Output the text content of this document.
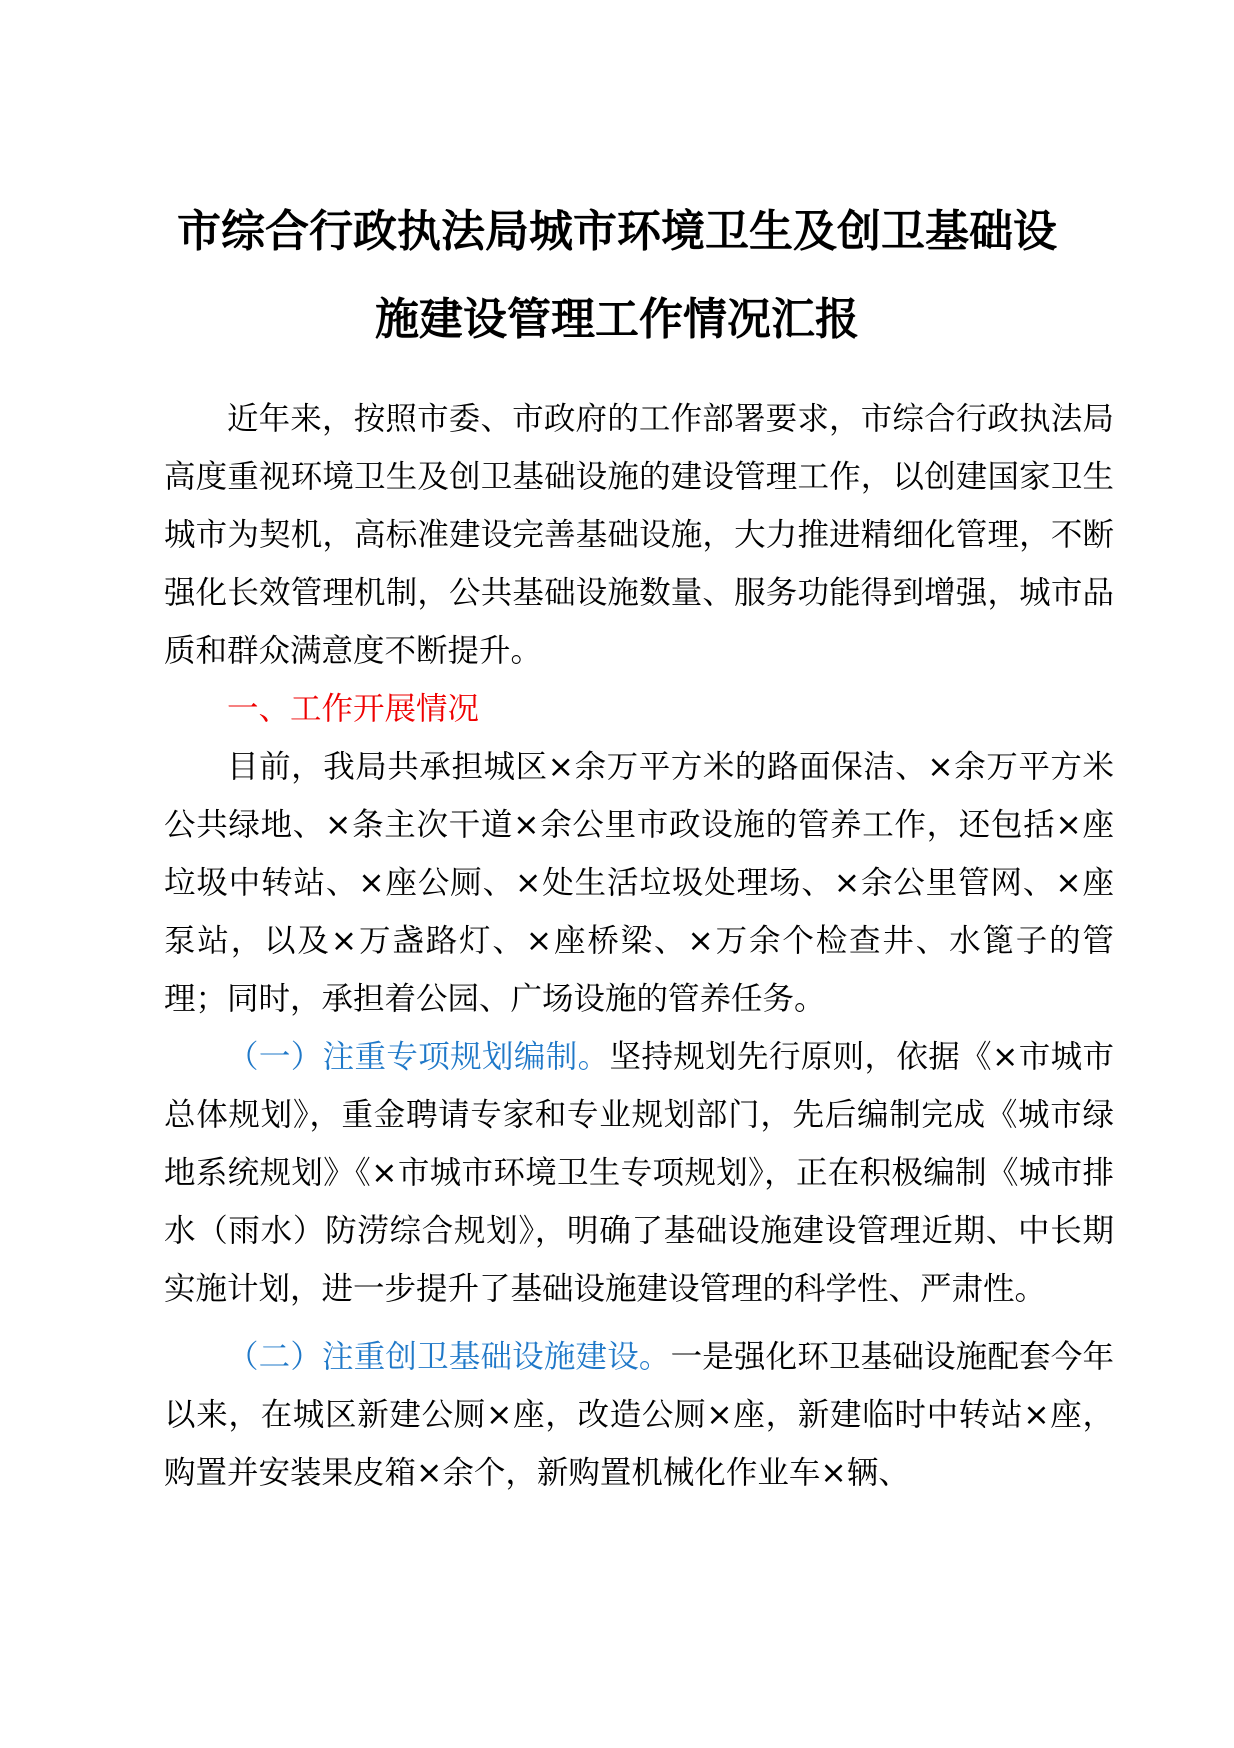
市综合行政执法局城市环境卫生及创卫基础设
施建设管理工作情况汇报

近年来，按照市委、市政府的工作部署要求，市综合行政执法局高度重视环境卫生及创卫基础设施的建设管理工作，以创建国家卫生城市为契机，高标准建设完善基础设施，大力推进精细化管理，不断强化长效管理机制，公共基础设施数量、服务功能得到增强，城市品质和群众满意度不断提升。

一、工作开展情况

目前，我局共承担城区×余万平方米的路面保洁、×余万平方米公共绿地、×条主次干道×余公里市政设施的管养工作，还包括×座垃圾中转站、×座公厕、×处生活垃圾处理场、×余公里管网、×座泵站，以及×万盏路灯、×座桥梁、×万余个检查井、水篦子的管理；同时，承担着公园、广场设施的管养任务。

（一）注重专项规划编制。坚持规划先行原则，依据《×市城市总体规划》，重金聘请专家和专业规划部门，先后编制完成《城市绿地系统规划》《×市城市环境卫生专项规划》，正在积极编制《城市排水（雨水）防涝综合规划》，明确了基础设施建设管理近期、中长期实施计划，进一步提升了基础设施建设管理的科学性、严肃性。

（二）注重创卫基础设施建设。一是强化环卫基础设施配套今年以来，在城区新建公厕×座，改造公厕×座，新建临时中转站×座，购置并安装果皮箱×余个，新购置机械化作业车×辆、
